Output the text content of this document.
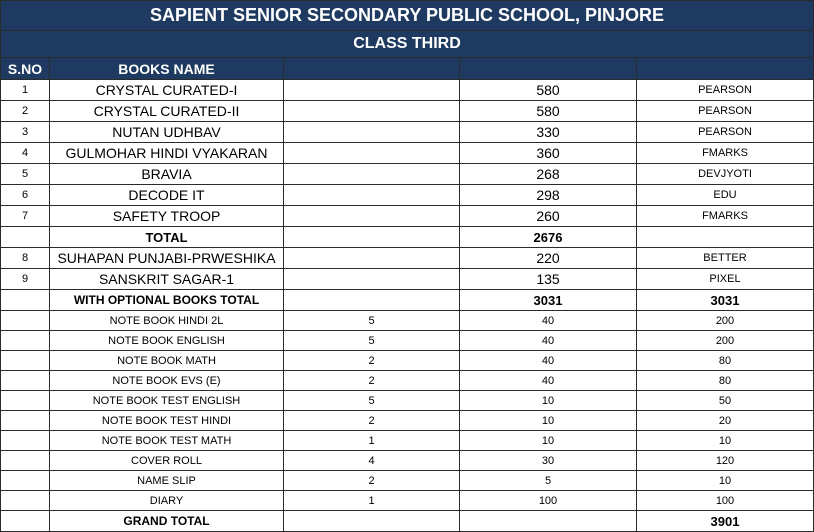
SAPIENT SENIOR SECONDARY PUBLIC SCHOOL, PINJORE				
CLASS THIRD				
S.NO	BOOKS NAME			
1	CRYSTAL CURATED-I		580	PEARSON
2	CRYSTAL CURATED-II		580	PEARSON
3	NUTAN UDHBAV		330	PEARSON
4	GULMOHAR HINDI VYAKARAN		360	FMARKS
5	BRAVIA		268	DEVJYOTI
6	DECODE IT		298	EDU
7	SAFETY TROOP		260	FMARKS
	TOTAL		2676	
8	SUHAPAN PUNJABI-PRWESHIKA		220	BETTER
9	SANSKRIT SAGAR-1		135	PIXEL
	WITH OPTIONAL BOOKS TOTAL		3031	3031
	NOTE BOOK HINDI 2L	5	40	200
	NOTE BOOK ENGLISH	5	40	200
	NOTE BOOK MATH	2	40	80
	NOTE BOOK EVS (E)	2	40	80
	NOTE BOOK TEST ENGLISH	5	10	50
	NOTE BOOK TEST HINDI	2	10	20
	NOTE BOOK TEST MATH	1	10	10
	COVER ROLL	4	30	120
	NAME SLIP	2	5	10
	DIARY	1	100	100
	GRAND TOTAL			3901
